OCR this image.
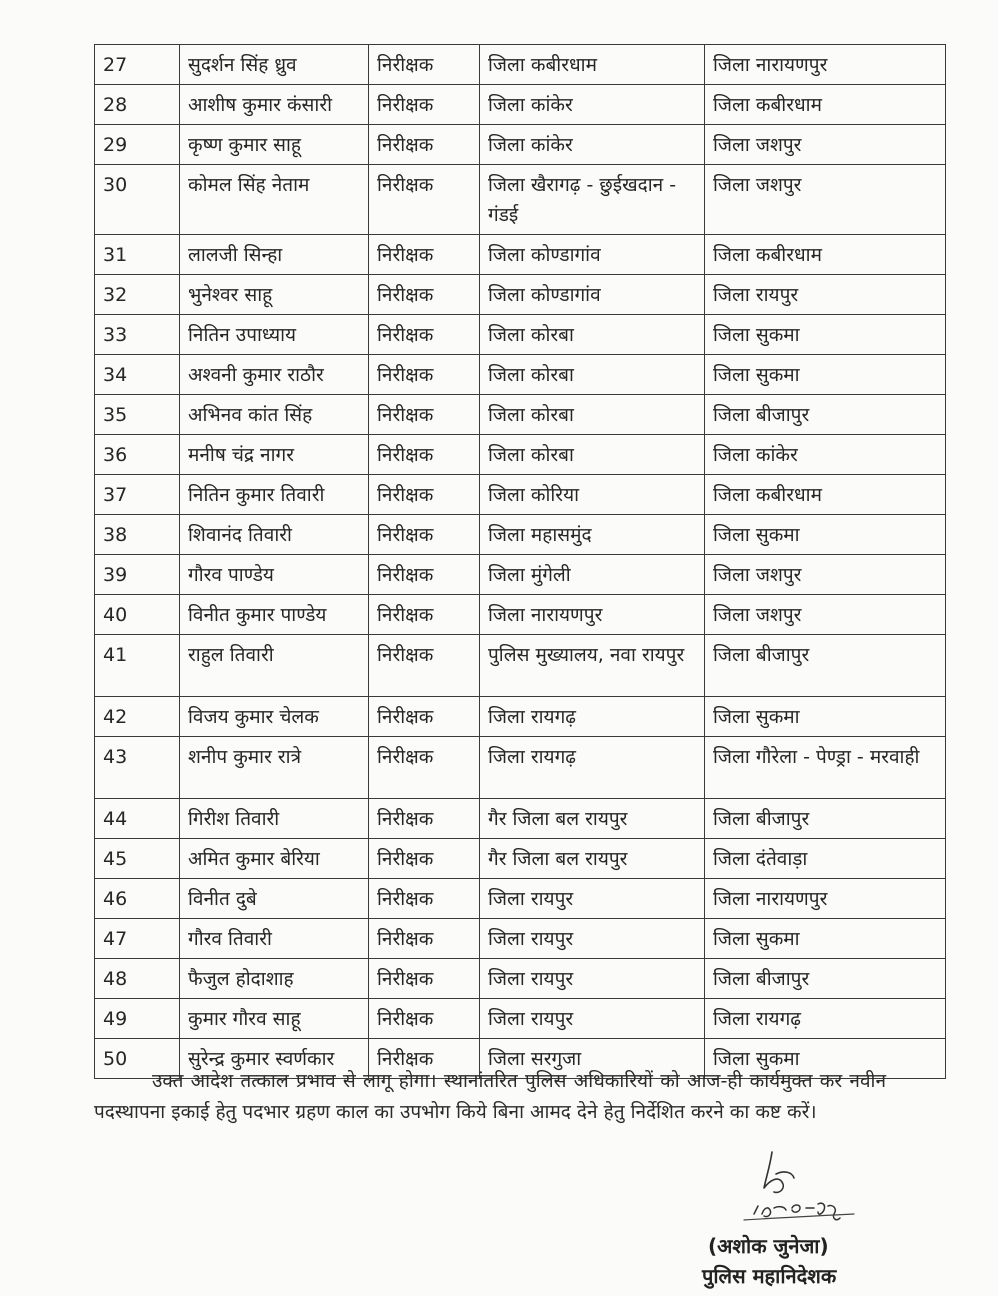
27	सुदर्शन सिंह ध्रुव	निरीक्षक	जिला कबीरधाम	जिला नारायणपुर
28	आशीष कुमार कंसारी	निरीक्षक	जिला कांकेर	जिला कबीरधाम
29	कृष्ण कुमार साहू	निरीक्षक	जिला कांकेर	जिला जशपुर
30	कोमल सिंह नेताम	निरीक्षक	जिला खैरागढ़ - छुईखदान - गंडई	जिला जशपुर
31	लालजी सिन्हा	निरीक्षक	जिला कोण्डागांव	जिला कबीरधाम
32	भुनेश्वर साहू	निरीक्षक	जिला कोण्डागांव	जिला रायपुर
33	नितिन उपाध्याय	निरीक्षक	जिला कोरबा	जिला सुकमा
34	अश्वनी कुमार राठौर	निरीक्षक	जिला कोरबा	जिला सुकमा
35	अभिनव कांत सिंह	निरीक्षक	जिला कोरबा	जिला बीजापुर
36	मनीष चंद्र नागर	निरीक्षक	जिला कोरबा	जिला कांकेर
37	नितिन कुमार तिवारी	निरीक्षक	जिला कोरिया	जिला कबीरधाम
38	शिवानंद तिवारी	निरीक्षक	जिला महासमुंद	जिला सुकमा
39	गौरव पाण्डेय	निरीक्षक	जिला मुंगेली	जिला जशपुर
40	विनीत कुमार पाण्डेय	निरीक्षक	जिला नारायणपुर	जिला जशपुर
41	राहुल तिवारी	निरीक्षक	पुलिस मुख्यालय, नवा रायपुर	जिला बीजापुर
42	विजय कुमार चेलक	निरीक्षक	जिला रायगढ़	जिला सुकमा
43	शनीप कुमार रात्रे	निरीक्षक	जिला रायगढ़	जिला गौरेला - पेण्ड्रा - मरवाही
44	गिरीश तिवारी	निरीक्षक	गैर जिला बल रायपुर	जिला बीजापुर
45	अमित कुमार बेरिया	निरीक्षक	गैर जिला बल रायपुर	जिला दंतेवाड़ा
46	विनीत दुबे	निरीक्षक	जिला रायपुर	जिला नारायणपुर
47	गौरव तिवारी	निरीक्षक	जिला रायपुर	जिला सुकमा
48	फैजुल होदाशाह	निरीक्षक	जिला रायपुर	जिला बीजापुर
49	कुमार गौरव साहू	निरीक्षक	जिला रायपुर	जिला रायगढ़
50	सुरेन्द्र कुमार स्वर्णकार	निरीक्षक	जिला सरगुजा	जिला सुकमा
उक्त आदेश तत्काल प्रभाव से लागू होगा। स्थानांतरित पुलिस अधिकारियों को आज-ही कार्यमुक्त कर नवीन पदस्थापना इकाई हेतु पदभार ग्रहण काल का उपभोग किये बिना आमद देने हेतु निर्देशित करने का कष्ट करें।
1.03-24
(अशोक जुनेजा)
पुलिस महानिदेशक
